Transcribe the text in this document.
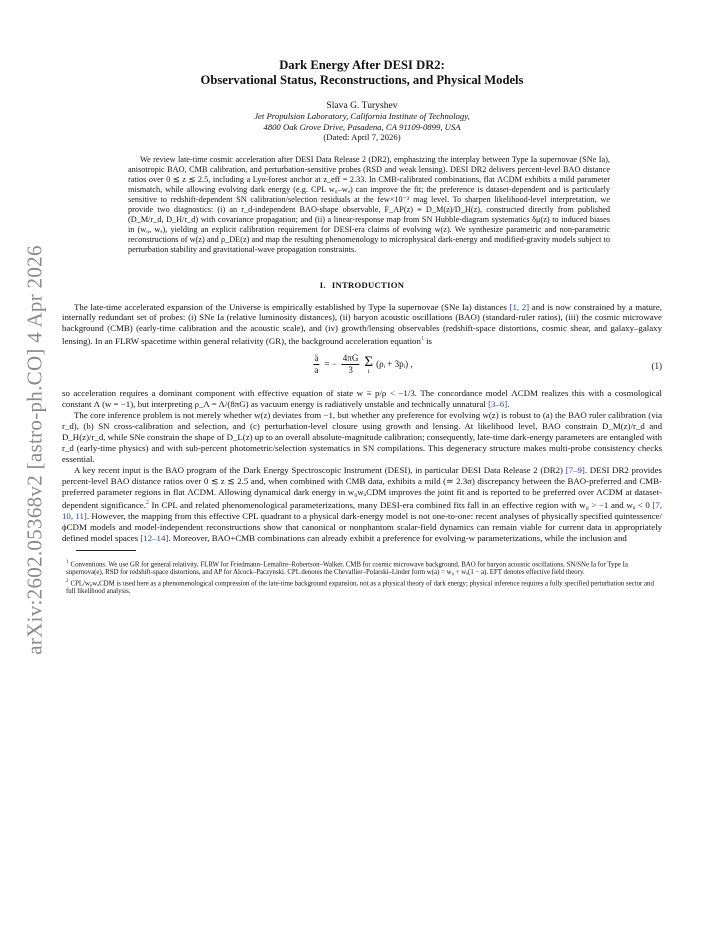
arXiv:2602.05368v2 [astro-ph.CO] 4 Apr 2026
Dark Energy After DESI DR2:
Observational Status, Reconstructions, and Physical Models
Slava G. Turyshev
Jet Propulsion Laboratory, California Institute of Technology,
4800 Oak Grove Drive, Pasadena, CA 91109-0899, USA
(Dated: April 7, 2026)
We review late-time cosmic acceleration after DESI Data Release 2 (DR2), emphasizing the interplay between Type Ia supernovae (SNe Ia), anisotropic BAO, CMB calibration, and perturbation-sensitive probes (RSD and weak lensing). DESI DR2 delivers percent-level BAO distance ratios over 0 ≲ z ≲ 2.5, including a Lyα-forest anchor at z_eff = 2.33. In CMB-calibrated combinations, flat ΛCDM exhibits a mild parameter mismatch, while allowing evolving dark energy (e.g. CPL w₀–wₐ) can improve the fit; the preference is dataset-dependent and is particularly sensitive to redshift-dependent SN calibration/selection residuals at the few×10⁻² mag level. To sharpen likelihood-level interpretation, we provide two diagnostics: (i) an r_d-independent BAO-shape observable, F_AP(z) ≡ D_M(z)/D_H(z), constructed directly from published (D_M/r_d, D_H/r_d) with covariance propagation; and (ii) a linear-response map from SN Hubble-diagram systematics δμ(z) to induced biases in (w₀, wₐ), yielding an explicit calibration requirement for DESI-era claims of evolving w(z). We synthesize parametric and non-parametric reconstructions of w(z) and ρ_DE(z) and map the resulting phenomenology to microphysical dark-energy and modified-gravity models subject to perturbation stability and gravitational-wave propagation constraints.
I. INTRODUCTION

The late-time accelerated expansion of the Universe is empirically established by Type Ia supernovae (SNe Ia) distances [1, 2] and is now constrained by a mature, internally redundant set of probes: (i) SNe Ia (relative luminosity distances), (ii) baryon acoustic oscillations (BAO) (standard-ruler ratios), (iii) the cosmic microwave background (CMB) (early-time calibration and the acoustic scale), and (iv) growth/lensing observables (redshift-space distortions, cosmic shear, and galaxy–galaxy lensing). In an FLRW spacetime within general relativity (GR), the background acceleration equation$^1$ is

$\frac{ä}{a}$ = − $\frac{4\pi G}{3}$ Σ
i
(ρᵢ + 3pᵢ) ,	(1)

so acceleration requires a dominant component with effective equation of state w ≡ p/ρ < −1/3. The concordance model ΛCDM realizes this with a cosmological constant Λ (w = −1), but interpreting ρ_Λ = Λ/(8πG) as vacuum energy is radiatively unstable and technically unnatural [3–6].

The core inference problem is not merely whether w(z) deviates from −1, but whether any preference for evolving w(z) is robust to (a) the BAO ruler calibration (via r_d), (b) SN cross-calibration and selection, and (c) perturbation-level closure using growth and lensing. At likelihood level, BAO constrain D_M(z)/r_d and D_H(z)/r_d, while SNe constrain the shape of D_L(z) up to an overall absolute-magnitude calibration; consequently, late-time dark-energy parameters are entangled with r_d (early-time physics) and with sub-percent photometric/selection systematics in SN compilations. This degeneracy structure makes multi-probe consistency checks essential.

A key recent input is the BAO program of the Dark Energy Spectroscopic Instrument (DESI), in particular DESI Data Release 2 (DR2) [7–9]. DESI DR2 provides percent-level BAO distance ratios over 0 ≲ z ≲ 2.5 and, when combined with CMB data, exhibits a mild (≃ 2.3σ) discrepancy between the BAO-preferred and CMB-preferred parameter regions in flat ΛCDM. Allowing dynamical dark energy in w₀wₐCDM improves the joint fit and is reported to be preferred over ΛCDM at dataset-dependent significance.$^2$ In CPL and related phenomenological parameterizations, many DESI-era combined fits fall in an effective region with w₀ > −1 and wₐ < 0 [7, 10, 11]. However, the mapping from this effective CPL quadrant to a physical dark-energy model is not one-to-one: recent analyses of physically specified quintessence/ϕCDM models and model-independent reconstructions show that canonical or nonphantom scalar-field dynamics can remain viable for current data in appropriately defined model spaces [12–14]. Moreover, BAO+CMB combinations can already exhibit a preference for evolving-w parameterizations, while the inclusion and

$^1$ Conventions. We use GR for general relativity, FLRW for Friedmann–Lemaître–Robertson–Walker, CMB for cosmic microwave background, BAO for baryon acoustic oscillations, SN/SNe Ia for Type Ia supernova(e), RSD for redshift-space distortions, and AP for Alcock–Paczynski. CPL denotes the Chevallier–Polarski–Linder form w(a) = w₀ + wₐ(1 − a). EFT denotes effective field theory.
$^2$ CPL/w₀wₐCDM is used here as a phenomenological compression of the late-time background expansion, not as a physical theory of dark energy; physical inference requires a fully specified perturbation sector and full likelihood analysis.
